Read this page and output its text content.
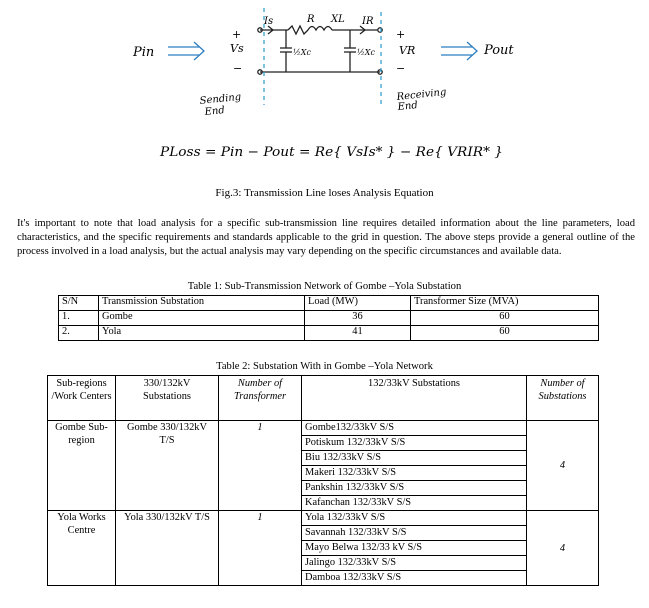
Pin	Pout
Is	IR
R XL
Vs	VR
½Xc	½Xc
+	+
−	−
Sending
End
Receiving
End
PLoss = Pin − Pout = Re{ VsIs* } − Re{ VRIR* }
Fig.3: Transmission Line loses Analysis Equation
It's important to note that load analysis for a specific sub-transmission line requires detailed information about the line parameters, load characteristics, and the specific requirements and standards applicable to the grid in question. The above steps provide a general outline of the process involved in a load analysis, but the actual analysis may vary depending on the specific circumstances and available data.
Table 1: Sub-Transmission Network of Gombe –Yola Substation
S/N	Transmission Substation	Load (MW)	Transformer Size (MVA)
1.	Gombe	36	60
2.	Yola	41	60
Table 2: Substation With in Gombe –Yola Network
Sub-regions /Work Centers	330/132kV Substations	Number of Transformer	132/33kV Substations	Number of Substations
Gombe Sub-region	Gombe 330/132kV T/S	1	Gombe132/33kV S/S	4
			Potiskum 132/33kV S/S	
			Biu 132/33kV S/S	
			Makeri 132/33kV S/S	
			Pankshin 132/33kV S/S	
			Kafanchan 132/33kV S/S	
Yola Works Centre	Yola 330/132kV T/S	1	Yola 132/33kV S/S	4
			Savannah 132/33kV S/S	
			Mayo Belwa 132/33 kV S/S	
			Jalingo 132/33kV S/S	
			Damboa 132/33kV S/S	
